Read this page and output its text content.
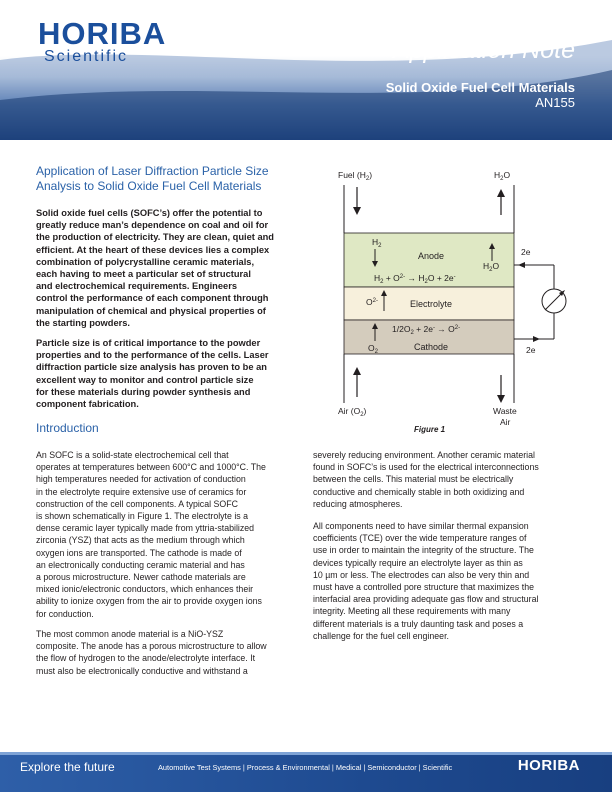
HORIBA
Scientific	Application Note
Solid Oxide Fuel Cell Materials
AN155
Application of Laser Diffraction Particle Size
Analysis to Solid Oxide Fuel Cell Materials
Solid oxide fuel cells (SOFC’s) offer the potential to
greatly reduce man’s dependence on coal and oil for
the production of electricity. They are clean, quiet and
efficient. At the heart of these devices lies a complex
combination of polycrystalline ceramic materials,
each having to meet a particular set of structural
and electrochemical requirements. Engineers
control the performance of each component through
manipulation of chemical and physical properties of
the starting powders.
Particle size is of critical importance to the powder
properties and to the performance of the cells. Laser
diffraction particle size analysis has proven to be an
excellent way to monitor and control particle size
for these materials during powder synthesis and
component fabrication.
Introduction
An SOFC is a solid-state electrochemical cell that
operates at temperatures between 600°C and 1000°C. The
high temperatures needed for activation of conduction
in the electrolyte require extensive use of ceramics for
construction of the cell components. A typical SOFC
is shown schematically in Figure 1. The electrolyte is a
dense ceramic layer typically made from yttria-stabilized
zirconia (YSZ) that acts as the medium through which
oxygen ions are transported. The cathode is made of
an electronically conducting ceramic material and has
a porous microstructure. Newer cathode materials are
mixed ionic/electronic conductors, which enhances their
ability to ionize oxygen from the air to provide oxygen ions
for conduction.
The most common anode material is a NiO-YSZ
composite. The anode has a porous microstructure to allow
the flow of hydrogen to the anode/electrolyte interface. It
must also be electronically conductive and withstand a
severely reducing environment. Another ceramic material
found in SOFC’s is used for the electrical interconnections
between the cells. This material must be electrically
conductive and chemically stable in both oxidizing and
reducing atmospheres.
All components need to have similar thermal expansion
coefficients (TCE) over the wide temperature ranges of
use in order to maintain the integrity of the structure. The
devices typically require an electrolyte layer as thin as
10 µm or less. The electrodes can also be very thin and
must have a controlled pore structure that maximizes the
interfacial area providing adequate gas flow and structural
integrity. Meeting all these requirements with many
different materials is a truly daunting task and poses a
challenge for the fuel cell engineer.
Fuel $(H_2)$	$H_2O$
$H_2$
Anode
$H_2O$
$H_2 + O^{2-} \to H_2O + 2e^-$
$O^{2-}$	Electrolyte
$1/2O_2 + 2e^- \to O^{2-}$
$O_2$	Cathode
2e
2e
Air $(O_2)$	Waste
Air
Figure 1
Explore the future	Automotive Test Systems | Process & Environmental | Medical | Semiconductor | Scientific	HORIBA
